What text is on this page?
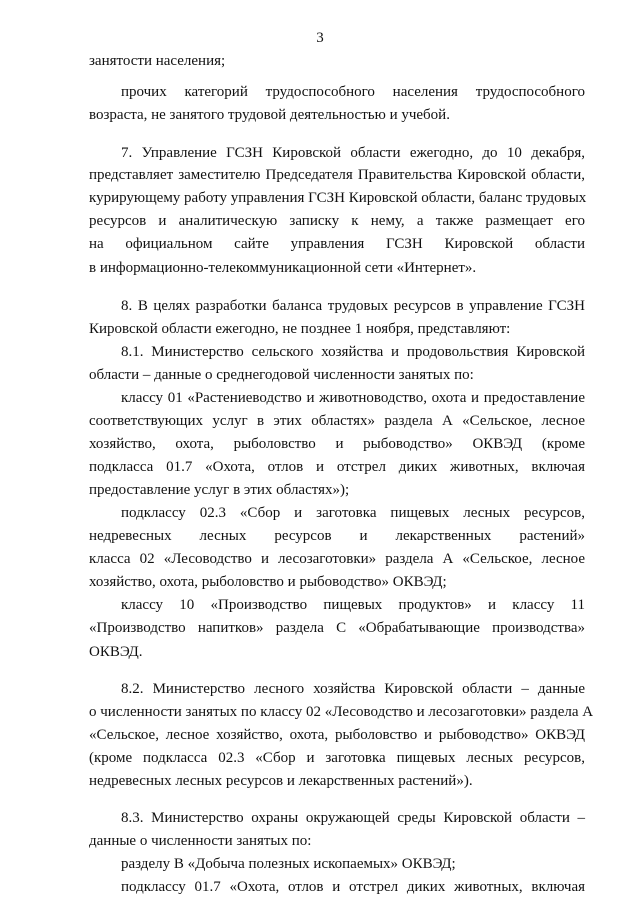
3
занятости населения;
прочих категорий трудоспособного населения трудоспособного
возраста, не занятого трудовой деятельностью и учебой.
7. Управление ГСЗН Кировской области ежегодно, до 10 декабря,
представляет заместителю Председателя Правительства Кировской области,
курирующему работу управления ГСЗН Кировской области, баланс трудовых
ресурсов и аналитическую записку к нему, а также размещает его
на официальном сайте управления ГСЗН Кировской области
в информационно-телекоммуникационной сети «Интернет».
8. В целях разработки баланса трудовых ресурсов в управление ГСЗН
Кировской области ежегодно, не позднее 1 ноября, представляют:
8.1. Министерство сельского хозяйства и продовольствия Кировской
области – данные о среднегодовой численности занятых по:
классу 01 «Растениеводство и животноводство, охота и предоставление
соответствующих услуг в этих областях» раздела А «Сельское, лесное
хозяйство, охота, рыболовство и рыбоводство» ОКВЭД (кроме
подкласса 01.7 «Охота, отлов и отстрел диких животных, включая
предоставление услуг в этих областях»);
подклассу 02.3 «Сбор и заготовка пищевых лесных ресурсов,
недревесных лесных ресурсов и лекарственных растений»
класса 02 «Лесоводство и лесозаготовки» раздела А «Сельское, лесное
хозяйство, охота, рыболовство и рыбоводство» ОКВЭД;
классу 10 «Производство пищевых продуктов» и классу 11
«Производство напитков» раздела С «Обрабатывающие производства»
ОКВЭД.
8.2. Министерство лесного хозяйства Кировской области – данные
о численности занятых по классу 02 «Лесоводство и лесозаготовки» раздела А
«Сельское, лесное хозяйство, охота, рыболовство и рыбоводство» ОКВЭД
(кроме подкласса 02.3 «Сбор и заготовка пищевых лесных ресурсов,
недревесных лесных ресурсов и лекарственных растений»).
8.3. Министерство охраны окружающей среды Кировской области –
данные о численности занятых по:
разделу В «Добыча полезных ископаемых» ОКВЭД;
подклассу 01.7 «Охота, отлов и отстрел диких животных, включая
